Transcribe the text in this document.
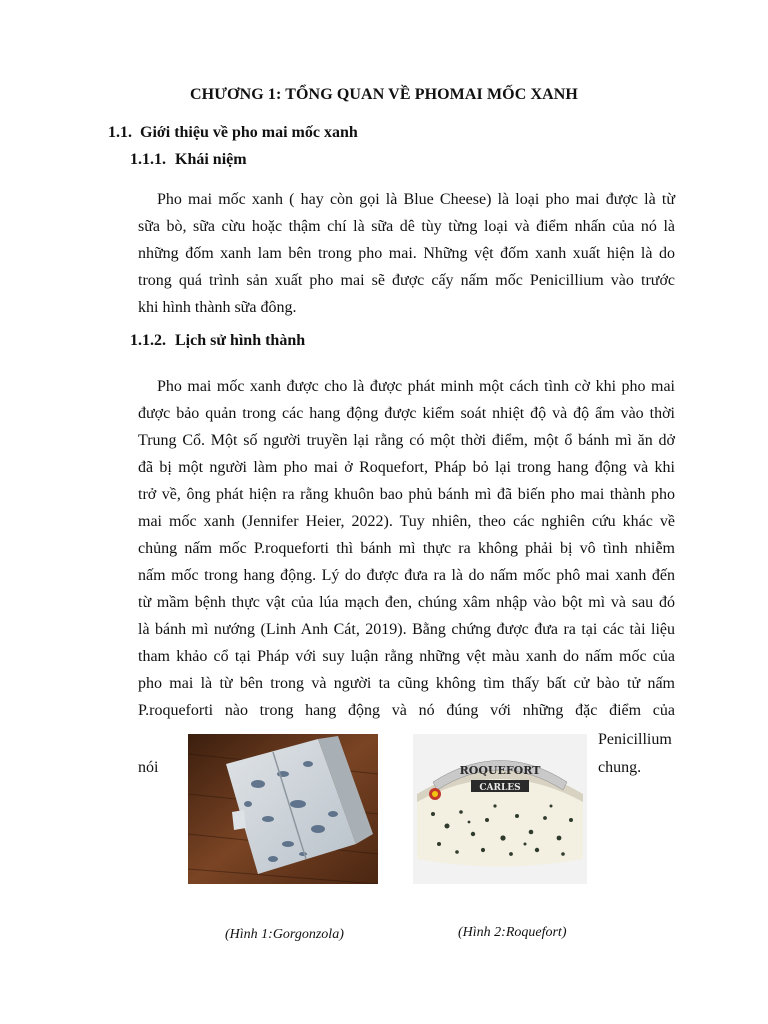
CHƯƠNG 1: TỔNG QUAN VỀ PHOMAI MỐC XANH
1.1. Giới thiệu về pho mai mốc xanh
1.1.1. Khái niệm
Pho mai mốc xanh ( hay còn gọi là Blue Cheese) là loại pho mai được là từ
sữa bò, sữa cừu hoặc thậm chí là sữa dê tùy từng loại và điểm nhấn của nó là
những đốm xanh lam bên trong pho mai. Những vệt đốm xanh xuất hiện là do
trong quá trình sản xuất pho mai sẽ được cấy nấm mốc Penicillium vào trước
khi hình thành sữa đông.
1.1.2. Lịch sử hình thành
Pho mai mốc xanh được cho là được phát minh một cách tình cờ khi pho mai
được bảo quản trong các hang động được kiểm soát nhiệt độ và độ ẩm vào thời
Trung Cổ. Một số người truyền lại rằng có một thời điểm, một ổ bánh mì ăn dở
đã bị một người làm pho mai ở Roquefort, Pháp bỏ lại trong hang động và khi
trở về, ông phát hiện ra rằng khuôn bao phủ bánh mì đã biến pho mai thành pho
mai mốc xanh (Jennifer Heier, 2022). Tuy nhiên, theo các nghiên cứu khác về
chủng nấm mốc P.roqueforti thì bánh mì thực ra không phải bị vô tình nhiễm
nấm mốc trong hang động. Lý do được đưa ra là do nấm mốc phô mai xanh đến
từ mầm bệnh thực vật của lúa mạch đen, chúng xâm nhập vào bột mì và sau đó
là bánh mì nướng (Linh Anh Cát, 2019). Bằng chứng được đưa ra tại các tài liệu
tham khảo cổ tại Pháp với suy luận rằng những vệt màu xanh do nấm mốc của
pho mai là từ bên trong và người ta cũng không tìm thấy bất cử bào tử nấm
P.roqueforti nào trong hang động và nó đúng với những đặc điểm của
Penicillium
nói	chung.
ROQUEFORT
CARLES
(Hình 1:Gorgonzola)	(Hình 2:Roquefort)
